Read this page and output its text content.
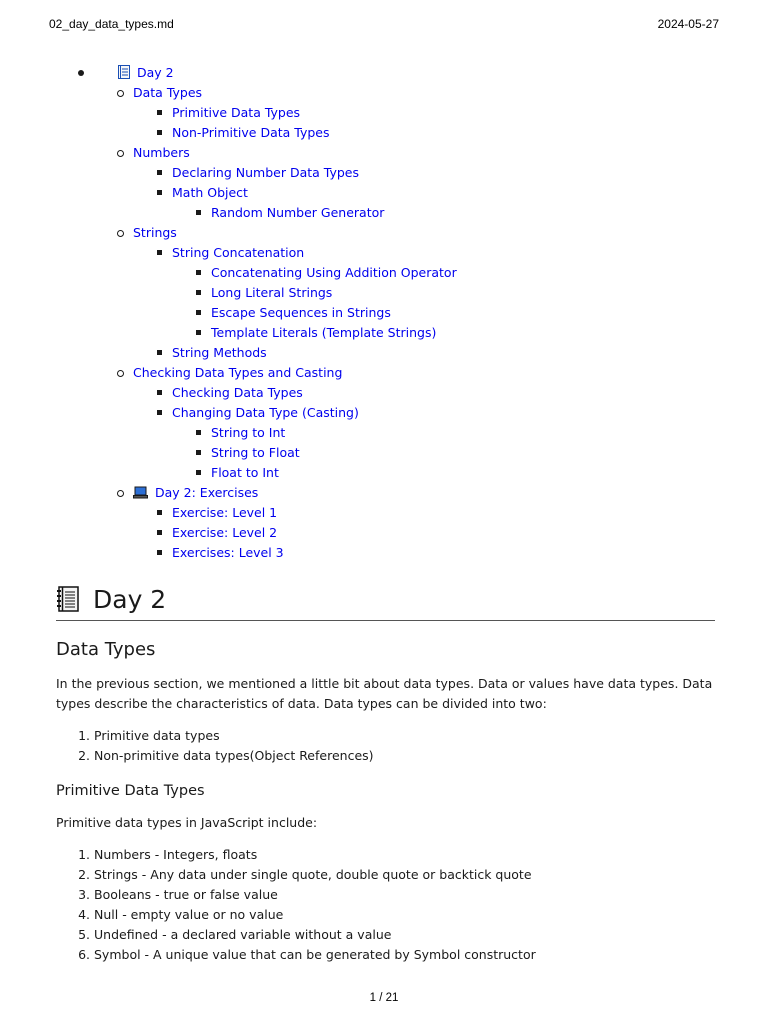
02_day_data_types.md	2024-05-27
Day 2
Data Types
Primitive Data Types
Non-Primitive Data Types
Numbers
Declaring Number Data Types
Math Object
Random Number Generator
Strings
String Concatenation
Concatenating Using Addition Operator
Long Literal Strings
Escape Sequences in Strings
Template Literals (Template Strings)
String Methods
Checking Data Types and Casting
Checking Data Types
Changing Data Type (Casting)
String to Int
String to Float
Float to Int
Day 2: Exercises
Exercise: Level 1
Exercise: Level 2
Exercises: Level 3
Day 2
Data Types

In the previous section, we mentioned a little bit about data types. Data or values have data types. Data types describe the characteristics of data. Data types can be divided into two:

1. Primitive data types
2. Non-primitive data types(Object References)
Primitive Data Types

Primitive data types in JavaScript include:

1. Numbers - Integers, floats
2. Strings - Any data under single quote, double quote or backtick quote
3. Booleans - true or false value
4. Null - empty value or no value
5. Undefined - a declared variable without a value
6. Symbol - A unique value that can be generated by Symbol constructor
1 / 21
